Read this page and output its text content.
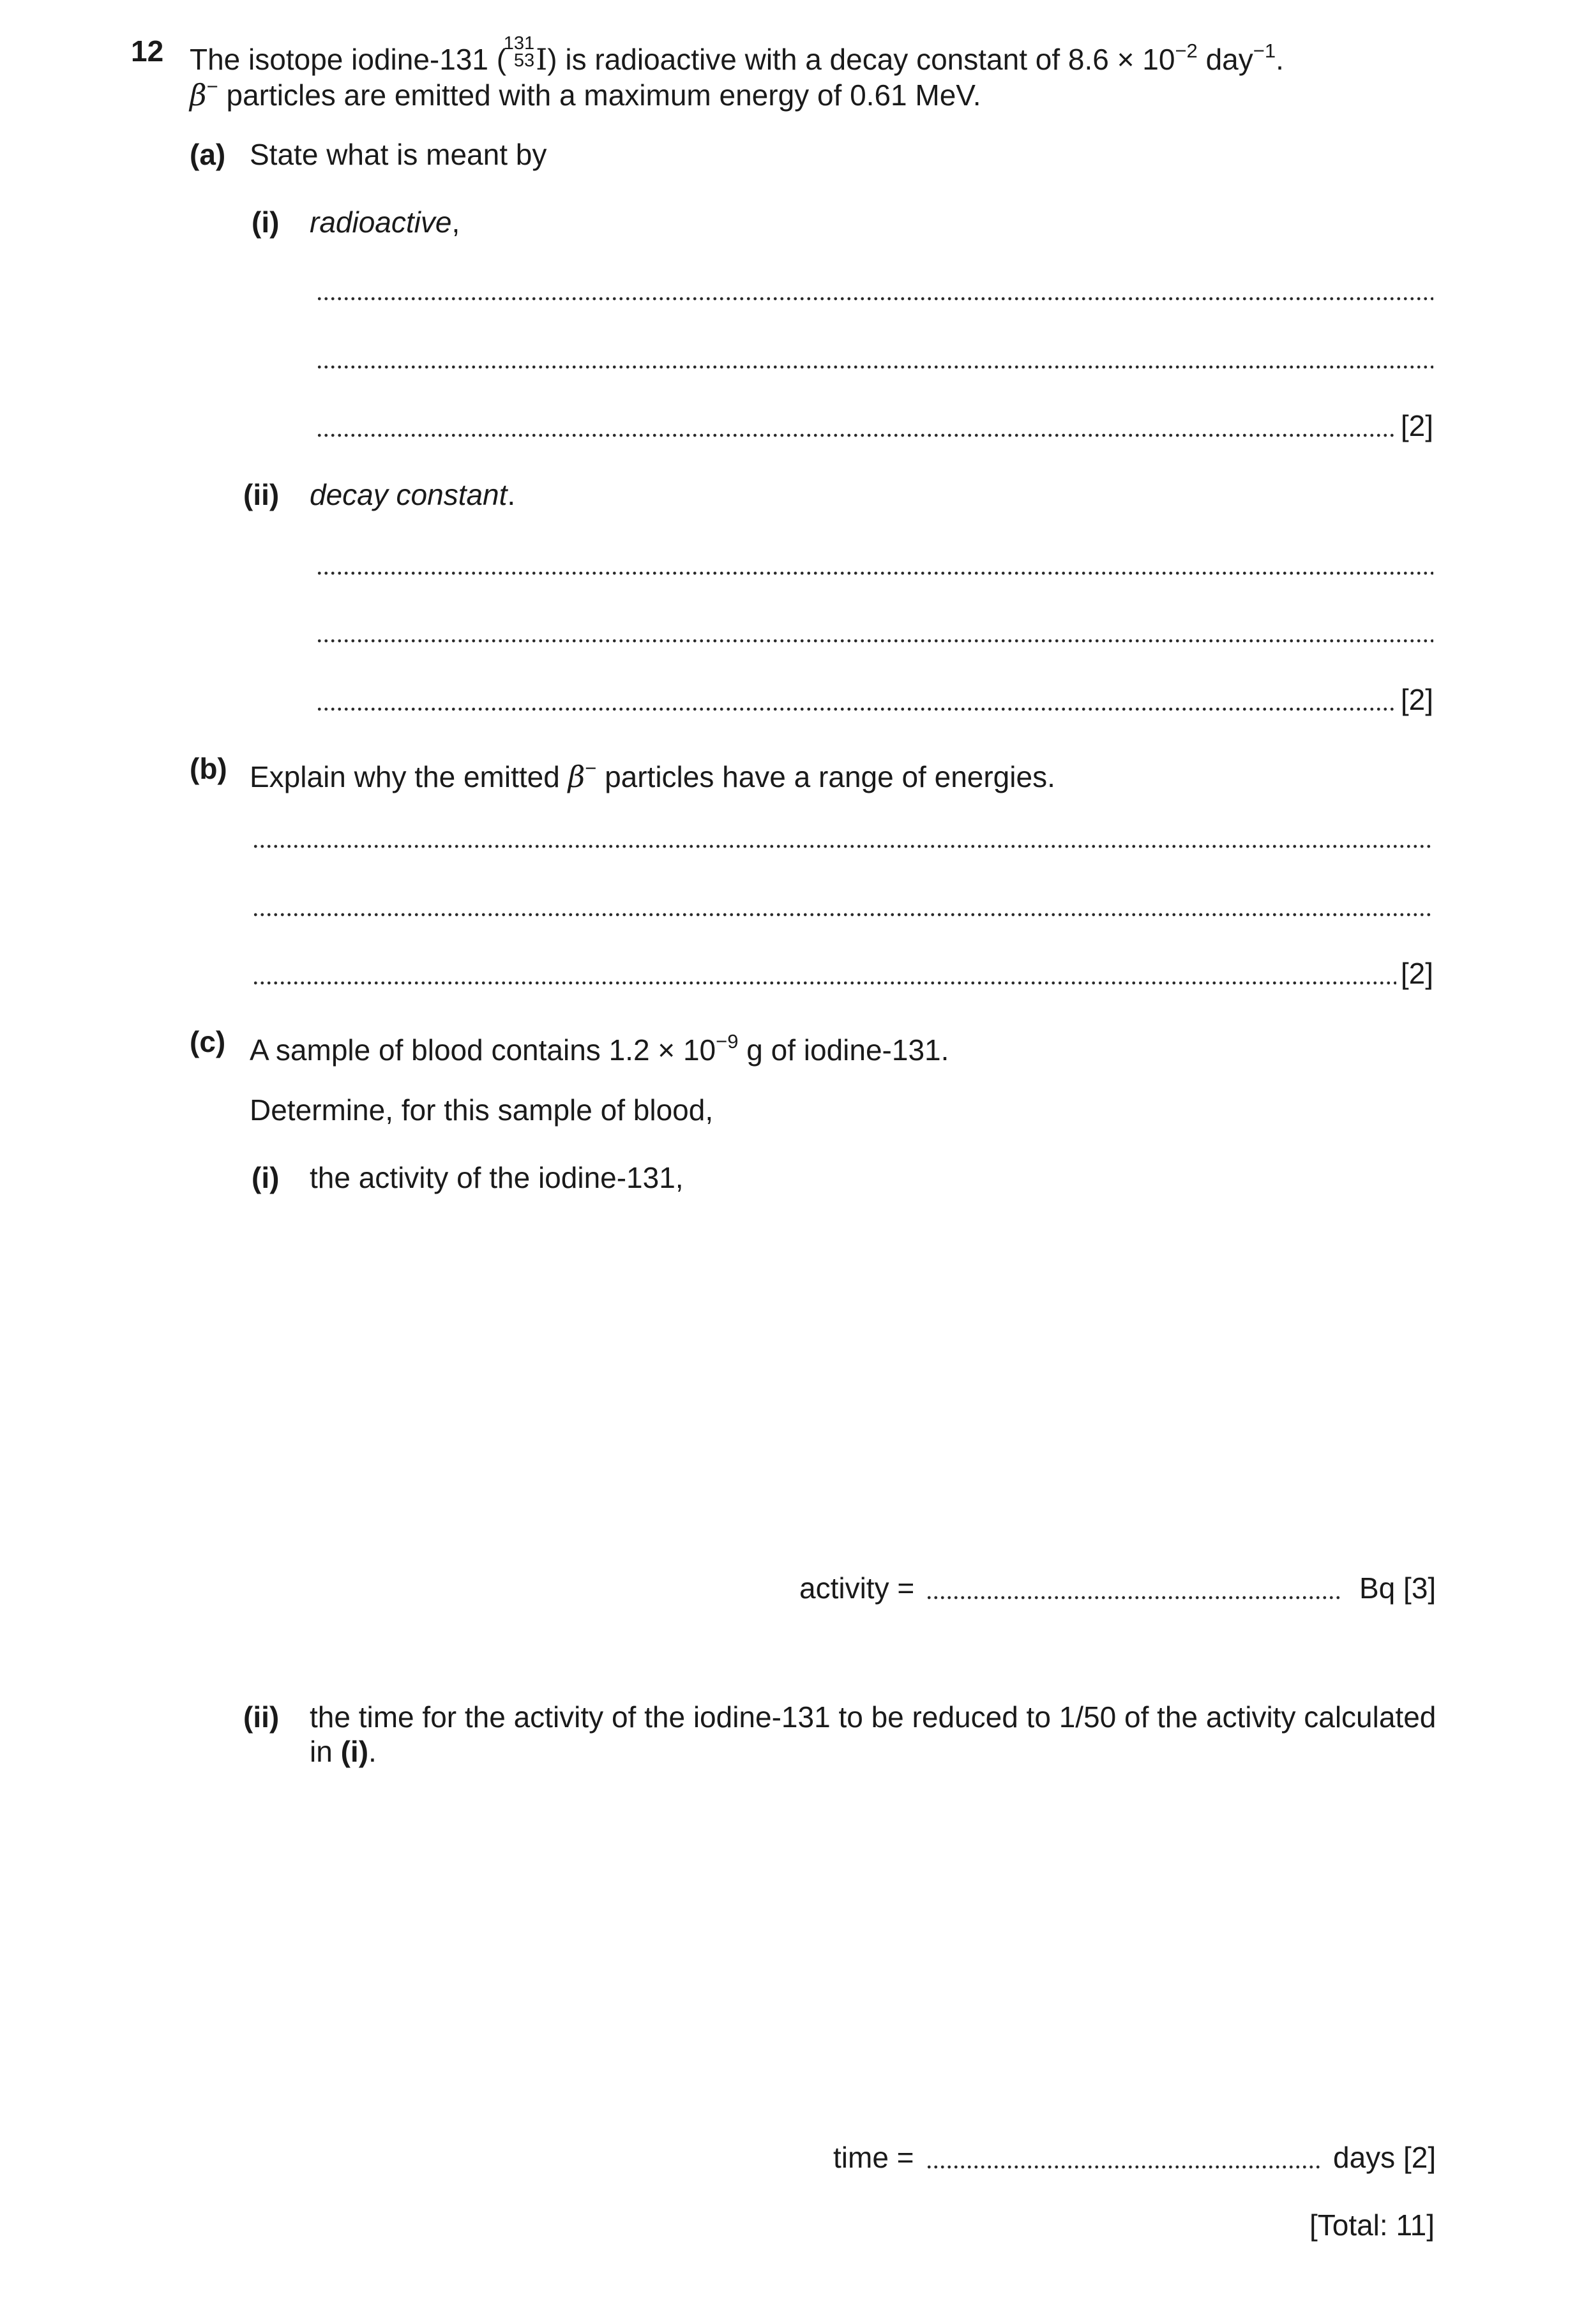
12 The isotope iodine-131 (
131
53 I) is radioactive with a decay constant of $8.6 \times 10^{-2}$ day$^{-1}$.
β− particles are emitted with a maximum energy of 0.61 MeV.
(a) State what is meant by
(i) radioactive,
[2]
(ii) decay constant.
[2]
(b) Explain why the emitted β− particles have a range of energies.
[2]
(c) A sample of blood contains $1.2 \times 10^{-9}$ g of iodine-131.
Determine, for this sample of blood,
(i) the activity of the iodine-131,
activity =	Bq [3]
(ii) the time for the activity of the iodine-131 to be reduced to 1/50 of the activity calculated
in (i).
time =	days [2]
[Total: 11]
